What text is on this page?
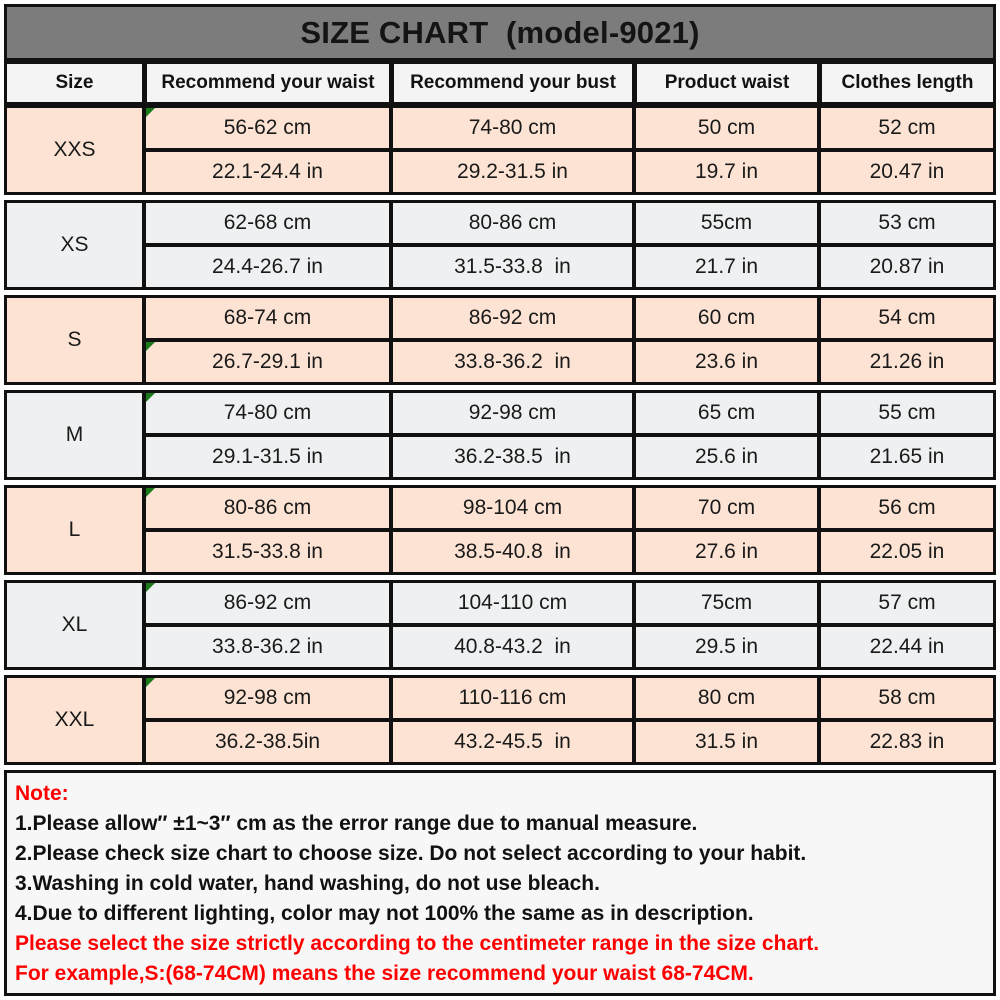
SIZE CHART  (model-9021)
Size	Recommend your waist	Recommend your bust	Product waist	Clothes length
XXS	56-62 cm	74-80 cm	50 cm	52 cm
	22.1-24.4 in	29.2-31.5 in	19.7 in	20.47 in

XS	62-68 cm	80-86 cm	55cm	53 cm
	24.4-26.7 in	31.5-33.8  in	21.7 in	20.87 in

S	68-74 cm	86-92 cm	60 cm	54 cm
	26.7-29.1 in	33.8-36.2  in	23.6 in	21.26 in

M	74-80 cm	92-98 cm	65 cm	55 cm
	29.1-31.5 in	36.2-38.5  in	25.6 in	21.65 in

L	80-86 cm	98-104 cm	70 cm	56 cm
	31.5-33.8 in	38.5-40.8  in	27.6 in	22.05 in

XL	86-92 cm	104-110 cm	75cm	57 cm
	33.8-36.2 in	40.8-43.2  in	29.5 in	22.44 in

XXL	92-98 cm	110-116 cm	80 cm	58 cm
	36.2-38.5in	43.2-45.5  in	31.5 in	22.83 in
Note:
1.Please allow″ ±1~3″ cm as the error range due to manual measure.
2.Please check size chart to choose size. Do not select according to your habit.
3.Washing in cold water, hand washing, do not use bleach.
4.Due to different lighting, color may not 100% the same as in description.
Please select the size strictly according to the centimeter range in the size chart.
For example,S:(68-74CM) means the size recommend your waist 68-74CM.
